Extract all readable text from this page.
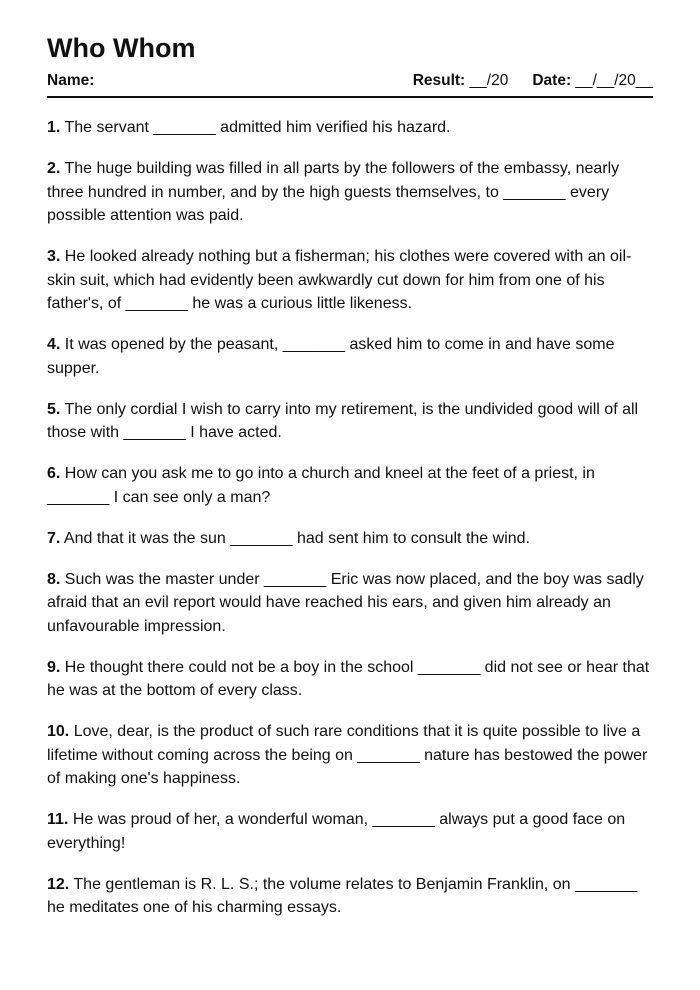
Who Whom
Name:	Result: __/20 Date: __/__/20__

1. The servant _______ admitted him verified his hazard.

2. The huge building was filled in all parts by the followers of the embassy, nearly three hundred in number, and by the high guests themselves, to _______ every possible attention was paid.

3. He looked already nothing but a fisherman; his clothes were covered with an oil-skin suit, which had evidently been awkwardly cut down for him from one of his father's, of _______ he was a curious little likeness.

4. It was opened by the peasant, _______ asked him to come in and have some supper.

5. The only cordial I wish to carry into my retirement, is the undivided good will of all those with _______ I have acted.

6. How can you ask me to go into a church and kneel at the feet of a priest, in _______ I can see only a man?

7. And that it was the sun _______ had sent him to consult the wind.

8. Such was the master under _______ Eric was now placed, and the boy was sadly afraid that an evil report would have reached his ears, and given him already an unfavourable impression.

9. He thought there could not be a boy in the school _______ did not see or hear that he was at the bottom of every class.

10. Love, dear, is the product of such rare conditions that it is quite possible to live a lifetime without coming across the being on _______ nature has bestowed the power of making one's happiness.

11. He was proud of her, a wonderful woman, _______ always put a good face on everything!

12. The gentleman is R. L. S.; the volume relates to Benjamin Franklin, on _______ he meditates one of his charming essays.
